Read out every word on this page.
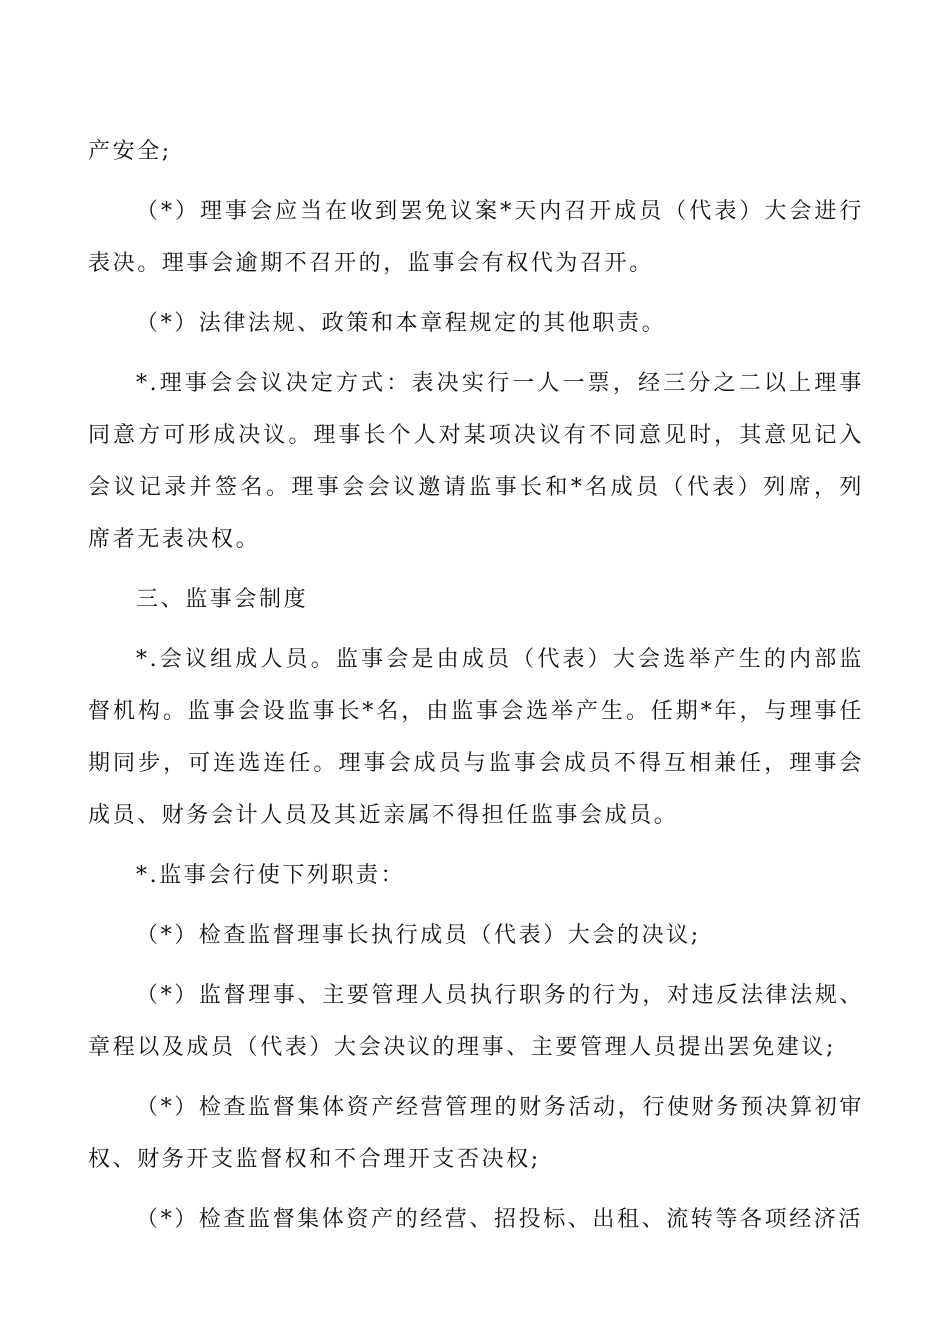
产安全;

（*）理事会应当在收到罢免议案*天内召开成员（代表）大会进行表决。理事会逾期不召开的，监事会有权代为召开。

（*）法律法规、政策和本章程规定的其他职责。

*.理事会会议决定方式：表决实行一人一票，经三分之二以上理事同意方可形成决议。理事长个人对某项决议有不同意见时，其意见记入会议记录并签名。理事会会议邀请监事长和*名成员（代表）列席，列席者无表决权。

三、监事会制度

*.会议组成人员。监事会是由成员（代表）大会选举产生的内部监督机构。监事会设监事长*名，由监事会选举产生。任期*年，与理事任期同步，可连选连任。理事会成员与监事会成员不得互相兼任，理事会成员、财务会计人员及其近亲属不得担任监事会成员。

*.监事会行使下列职责：

（*）检查监督理事长执行成员（代表）大会的决议;

（*）监督理事、主要管理人员执行职务的行为，对违反法律法规、章程以及成员（代表）大会决议的理事、主要管理人员提出罢免建议;

（*）检查监督集体资产经营管理的财务活动，行使财务预决算初审权、财务开支监督权和不合理开支否决权;

（*）检查监督集体资产的经营、招投标、出租、流转等各项经济活
